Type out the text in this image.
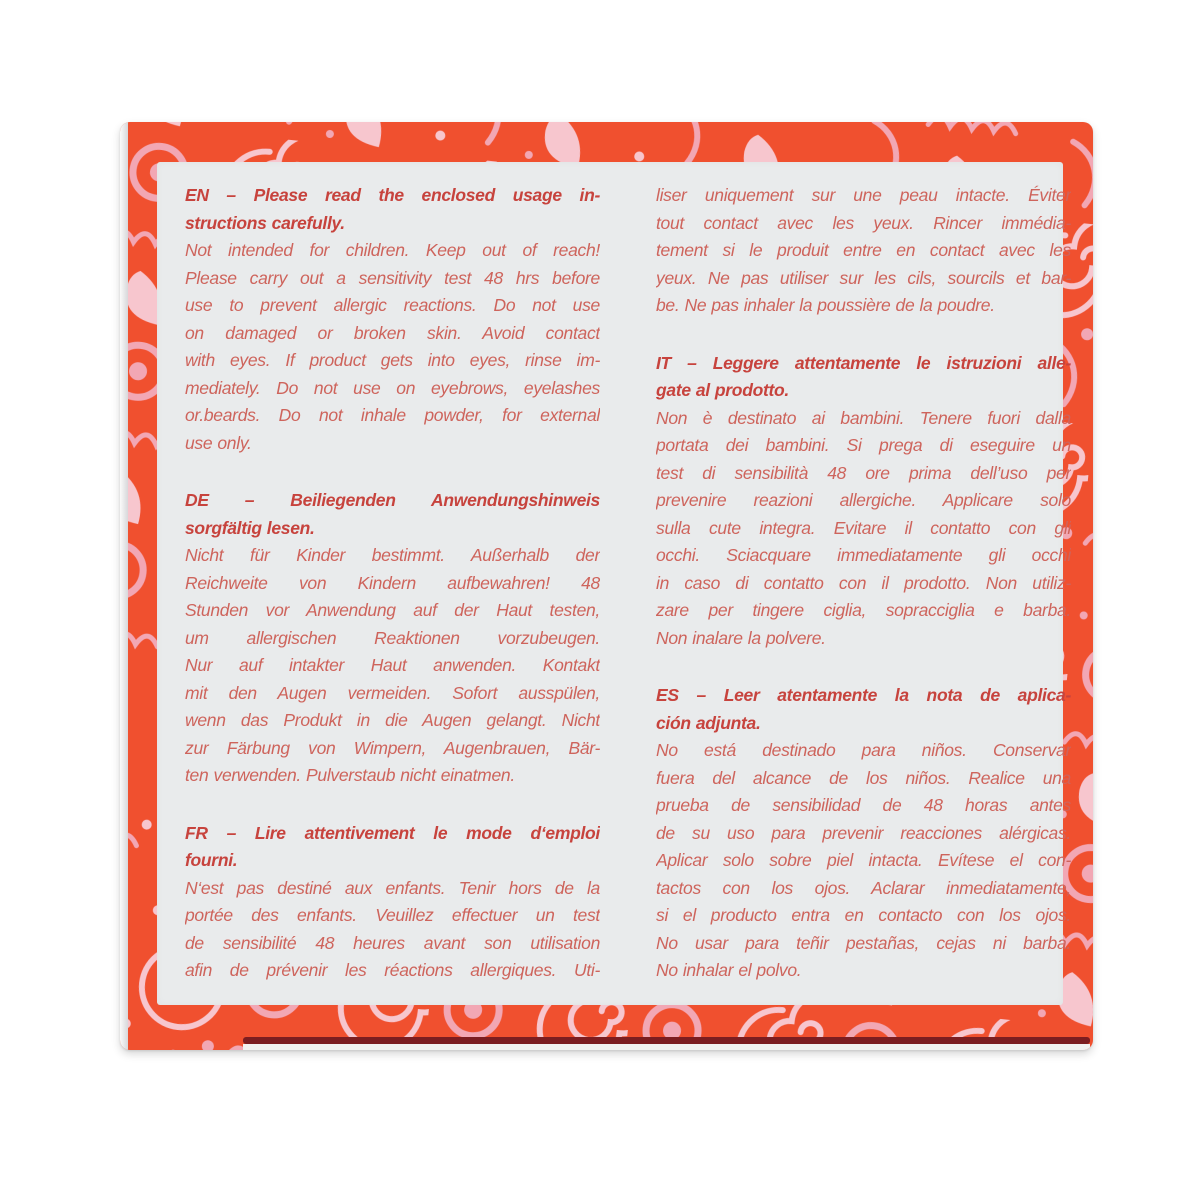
EN – Please read the enclosed usage in-
structions carefully.
Not intended for children. Keep out of reach!
Please carry out a sensitivity test 48 hrs before
use to prevent allergic reactions. Do not use
on damaged or broken skin. Avoid contact
with eyes. If product gets into eyes, rinse im-
mediately. Do not use on eyebrows, eyelashes
or.beards. Do not inhale powder, for external
use only.
DE – Beiliegenden Anwendungshinweis
sorgfältig lesen.
Nicht für Kinder bestimmt. Außerhalb der
Reichweite von Kindern aufbewahren! 48
Stunden vor Anwendung auf der Haut testen,
um allergischen Reaktionen vorzubeugen.
Nur auf intakter Haut anwenden. Kontakt
mit den Augen vermeiden. Sofort ausspülen,
wenn das Produkt in die Augen gelangt. Nicht
zur Färbung von Wimpern, Augenbrauen, Bär-
ten verwenden. Pulverstaub nicht einatmen.
FR – Lire attentivement le mode d‘emploi
fourni.
N‘est pas destiné aux enfants. Tenir hors de la
portée des enfants. Veuillez effectuer un test
de sensibilité 48 heures avant son utilisation
afin de prévenir les réactions allergiques. Uti-
liser uniquement sur une peau intacte. Éviter
tout contact avec les yeux. Rincer immédia-
tement si le produit entre en contact avec les
yeux. Ne pas utiliser sur les cils, sourcils et bar-
be. Ne pas inhaler la poussière de la poudre.
IT – Leggere attentamente le istruzioni alle-
gate al prodotto.
Non è destinato ai bambini. Tenere fuori dalla
portata dei bambini. Si prega di eseguire un
test di sensibilità 48 ore prima dell’uso per
prevenire reazioni allergiche. Applicare solo
sulla cute integra. Evitare il contatto con gli
occhi. Sciacquare immediatamente gli occhi
in caso di contatto con il prodotto. Non utiliz-
zare per tingere ciglia, sopracciglia e barba.
Non inalare la polvere.
ES – Leer atentamente la nota de aplica-
ción adjunta.
No está destinado para niños. Conservar
fuera del alcance de los niños. Realice una
prueba de sensibilidad de 48 horas antes
de su uso para prevenir reacciones alérgicas.
Aplicar solo sobre piel intacta. Evítese el con-
tactos con los ojos. Aclarar inmediatamente,
si el producto entra en contacto con los ojos.
No usar para teñir pestañas, cejas ni barba.
No inhalar el polvo.
